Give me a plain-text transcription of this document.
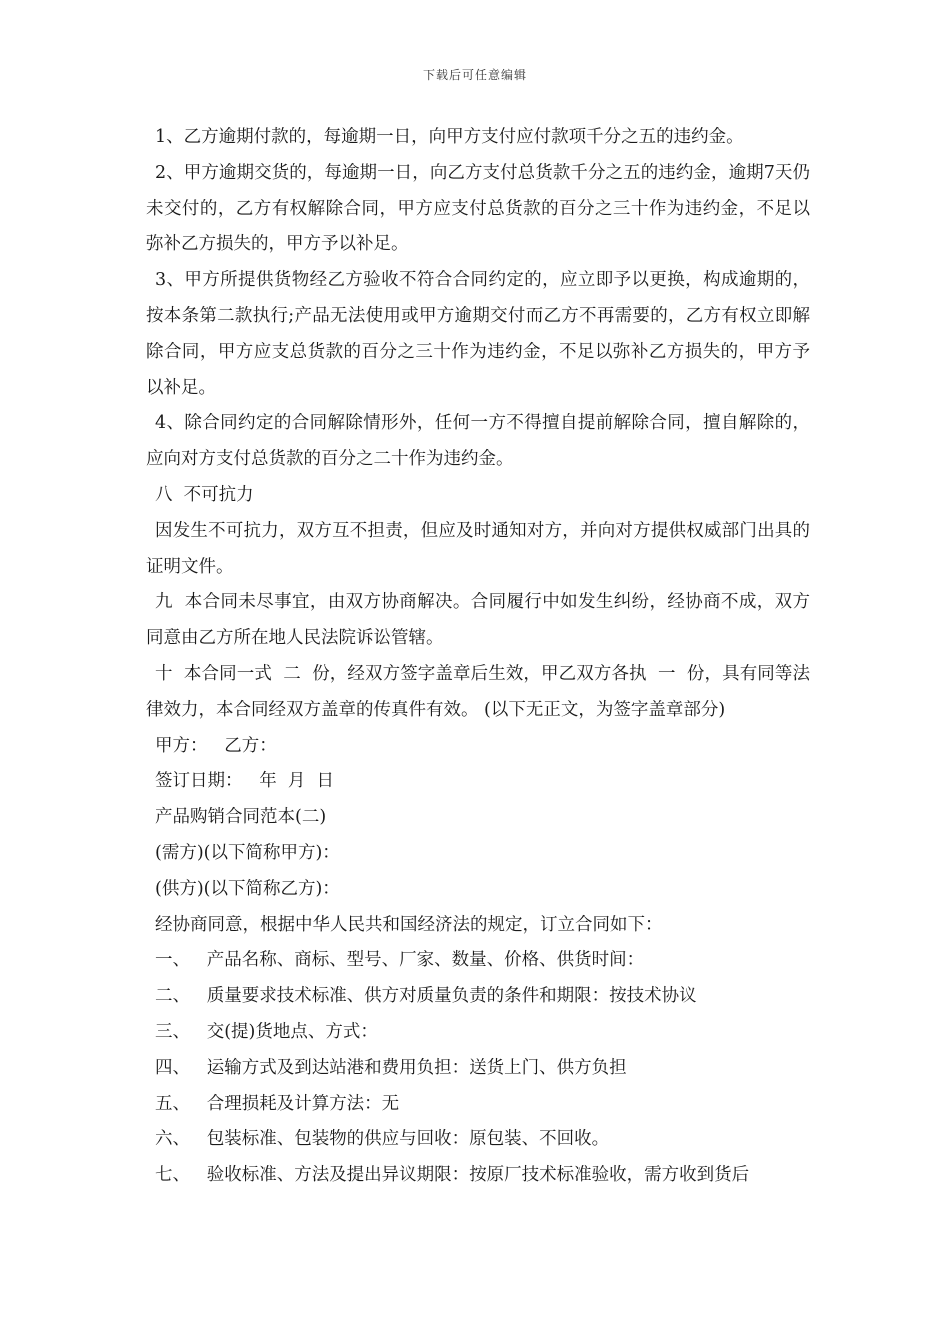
下载后可任意编辑

1、乙方逾期付款的，每逾期一日，向甲方支付应付款项千分之五的违约金。

2、甲方逾期交货的，每逾期一日，向乙方支付总货款千分之五的违约金，逾期7天仍未交付的，乙方有权解除合同，甲方应支付总货款的百分之三十作为违约金，不足以弥补乙方损失的，甲方予以补足。

3、甲方所提供货物经乙方验收不符合合同约定的，应立即予以更换，构成逾期的，按本条第二款执行;产品无法使用或甲方逾期交付而乙方不再需要的，乙方有权立即解除合同，甲方应支总货款的百分之三十作为违约金，不足以弥补乙方损失的，甲方予以补足。

4、除合同约定的合同解除情形外，任何一方不得擅自提前解除合同，擅自解除的，应向对方支付总货款的百分之二十作为违约金。

八  不可抗力

因发生不可抗力，双方互不担责，但应及时通知对方，并向对方提供权威部门出具的证明文件。

九  本合同未尽事宜，由双方协商解决。合同履行中如发生纠纷，经协商不成，双方同意由乙方所在地人民法院诉讼管辖。

十  本合同一式  二  份，经双方签字盖章后生效，甲乙双方各执  一  份，具有同等法律效力，本合同经双方盖章的传真件有效。 (以下无正文，为签字盖章部分)

甲方：   乙方：

签订日期：   年  月  日

产品购销合同范本(二)

(需方)(以下简称甲方)：

(供方)(以下简称乙方)：

经协商同意，根据中华人民共和国经济法的规定，订立合同如下：

一、   产品名称、商标、型号、厂家、数量、价格、供货时间：

二、   质量要求技术标准、供方对质量负责的条件和期限：按技术协议

三、   交(提)货地点、方式：

四、   运输方式及到达站港和费用负担：送货上门、供方负担

五、   合理损耗及计算方法：无

六、   包装标准、包装物的供应与回收：原包装、不回收。

七、   验收标准、方法及提出异议期限：按原厂技术标准验收，需方收到货后
